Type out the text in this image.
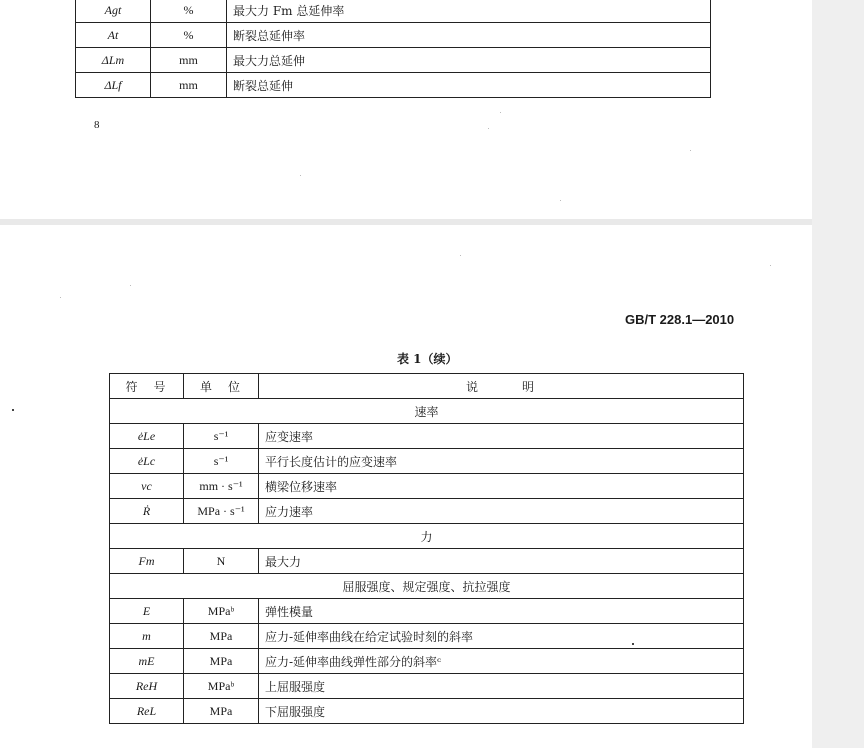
Agt	%	最大力 Fm 总延伸率
At	%	断裂总延伸率
ΔLm	mm	最大力总延伸
ΔLf	mm	断裂总延伸
8
GB/T 228.1—2010
表 1（续）
符　号	单　位	说　　　明
速率		
ėLe	s⁻¹	应变速率
ėLc	s⁻¹	平行长度估计的应变速率
vc	mm · s⁻¹	横梁位移速率
Ṙ	MPa · s⁻¹	应力速率
力		
Fm	N	最大力
屈服强度、规定强度、抗拉强度		
E	MPaᵇ	弹性模量
m	MPa	应力-延伸率曲线在给定试验时刻的斜率
mE	MPa	应力-延伸率曲线弹性部分的斜率ᶜ
ReH	MPaᵇ	上屈服强度
ReL	MPa	下屈服强度
